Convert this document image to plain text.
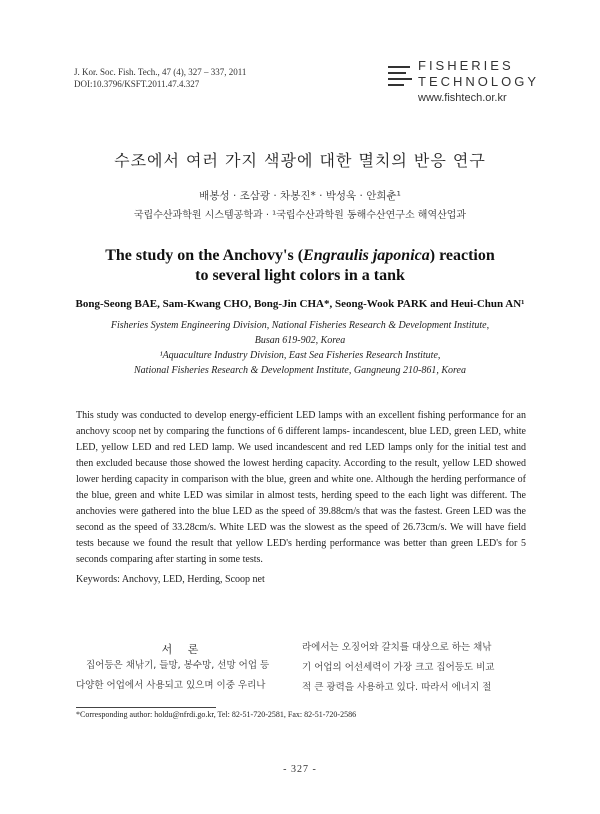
J. Kor. Soc. Fish. Tech., 47 (4), 327 – 337, 2011
DOI:10.3796/KSFT.2011.47.4.327
FISHERIES
TECHNOLOGY
www.fishtech.or.kr
수조에서 여러 가지 색광에 대한 멸치의 반응 연구
배봉성 · 조삼광 · 차봉진* · 박성욱 · 안희춘¹
국립수산과학원 시스템공학과 · ¹국립수산과학원 동해수산연구소 해역산업과
The study on the Anchovy's (Engraulis japonica) reaction
to several light colors in a tank
Bong-Seong BAE, Sam-Kwang CHO, Bong-Jin CHA*, Seong-Wook PARK and Heui-Chun AN¹
Fisheries System Engineering Division, National Fisheries Research & Development Institute,
Busan 619-902, Korea
¹Aquaculture Industry Division, East Sea Fisheries Research Institute,
National Fisheries Research & Development Institute, Gangneung 210-861, Korea
This study was conducted to develop energy-efficient LED lamps with an excellent fishing performance for an anchovy scoop net by comparing the functions of 6 different lamps- incandescent, blue LED, green LED, white LED, yellow LED and red LED lamp. We used incandescent and red LED lamps only for the initial test and then excluded because those showed the lowest herding capacity. According to the result, yellow LED showed lower herding capacity in comparison with the blue, green and white one. Although the herding performance of the blue, green and white LED was similar in almost tests, herding speed to the each light was different. The anchovies were gathered into the blue LED as the speed of 39.88cm/s that was the fastest. Green LED was the second as the speed of 33.28cm/s. White LED was the slowest as the speed of 26.73cm/s. We will have field tests because we found the result that yellow LED's herding performance was better than green LED's for 5 seconds comparing after starting in some tests.
Keywords: Anchovy, LED, Herding, Scoop net
서 론
집어등은 채낚기, 들망, 봉수망, 선망 어업 등
다양한 어업에서 사용되고 있으며 이중 우리나
라에서는 오징어와 갈치를 대상으로 하는 채낚
기 어업의 어선세력이 가장 크고 집어등도 비교
적 큰 광력을 사용하고 있다. 따라서 에너지 절
*Corresponding author: holdu@nfrdi.go.kr, Tel: 82-51-720-2581, Fax: 82-51-720-2586
- 327 -
